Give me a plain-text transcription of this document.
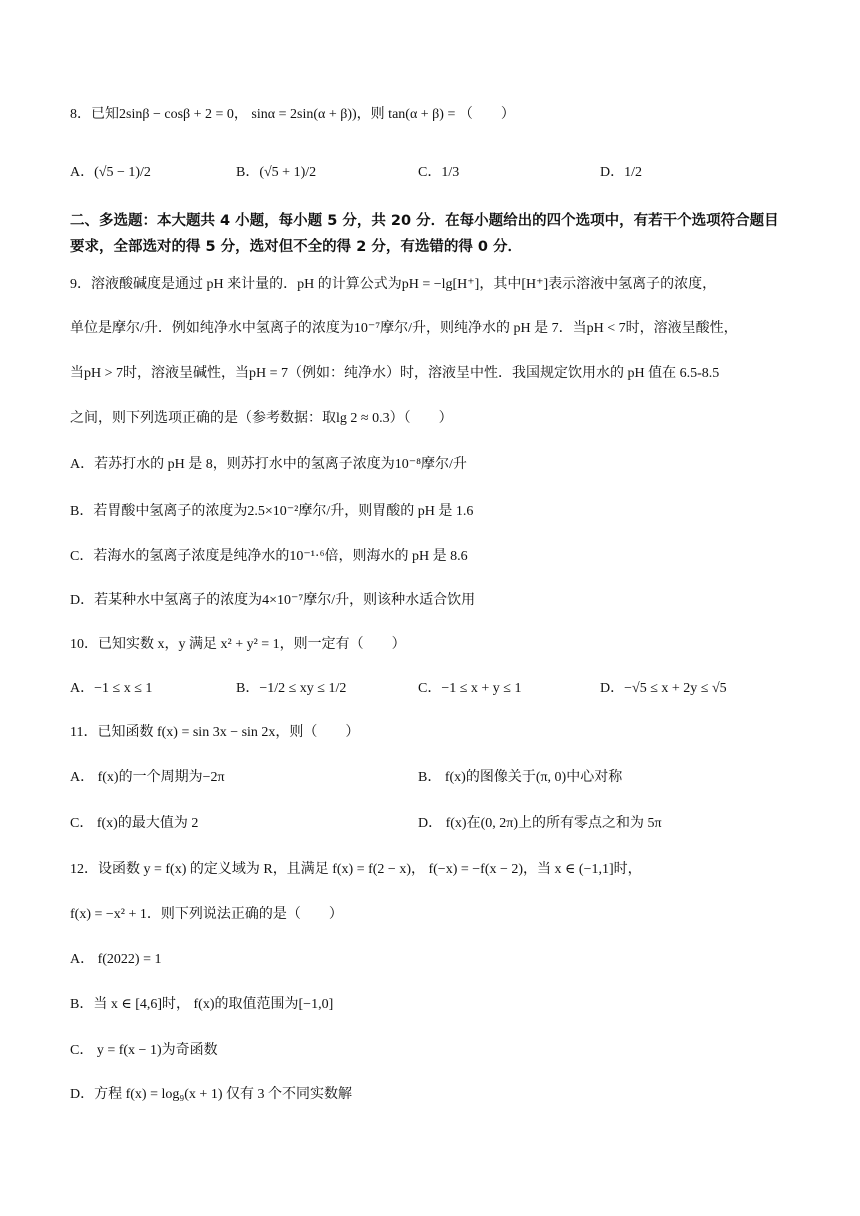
8．已知2sinβ − cosβ + 2 = 0， sinα = 2sin(α + β))，则 tan(α + β) = （　　）
A．(√5 − 1)/2	B．(√5 + 1)/2	C．1/3	D．1/2
二、多选题：本大题共 4 小题，每小题 5 分，共 20 分．在每小题给出的四个选项中，有若干个选项符合题目要求，全部选对的得 5 分，选对但不全的得 2 分，有选错的得 0 分．
9．溶液酸碱度是通过 pH 来计量的．pH 的计算公式为pH = −lg[H⁺]，其中[H⁺]表示溶液中氢离子的浓度，
单位是摩尔/升．例如纯净水中氢离子的浓度为10⁻⁷摩尔/升，则纯净水的 pH 是 7．当pH < 7时，溶液呈酸性，
当pH > 7时，溶液呈碱性，当pH = 7（例如：纯净水）时，溶液呈中性．我国规定饮用水的 pH 值在 6.5-8.5
之间，则下列选项正确的是（参考数据：取lg 2 ≈ 0.3）（　　）
A．若苏打水的 pH 是 8，则苏打水中的氢离子浓度为10⁻⁸摩尔/升
B．若胃酸中氢离子的浓度为2.5×10⁻²摩尔/升，则胃酸的 pH 是 1.6
C．若海水的氢离子浓度是纯净水的10⁻¹·⁶倍，则海水的 pH 是 8.6
D．若某种水中氢离子的浓度为4×10⁻⁷摩尔/升，则该种水适合饮用
10．已知实数 x，y 满足 x² + y² = 1，则一定有（　　）
A．−1 ≤ x ≤ 1	B．−1/2 ≤ xy ≤ 1/2	C．−1 ≤ x + y ≤ 1	D．−√5 ≤ x + 2y ≤ √5
11．已知函数 f(x) = sin 3x − sin 2x，则（　　）
A． f(x)的一个周期为−2π	B． f(x)的图像关于(π, 0)中心对称
C． f(x)的最大值为 2	D． f(x)在(0, 2π)上的所有零点之和为 5π
12．设函数 y = f(x) 的定义域为 R，且满足 f(x) = f(2 − x)， f(−x) = −f(x − 2)，当 x ∈ (−1,1]时，
f(x) = −x² + 1．则下列说法正确的是（　　）
A． f(2022) = 1
B．当 x ∈ [4,6]时， f(x)的取值范围为[−1,0]
C． y = f(x − 1)为奇函数
D．方程 f(x) = log₉(x + 1) 仅有 3 个不同实数解
